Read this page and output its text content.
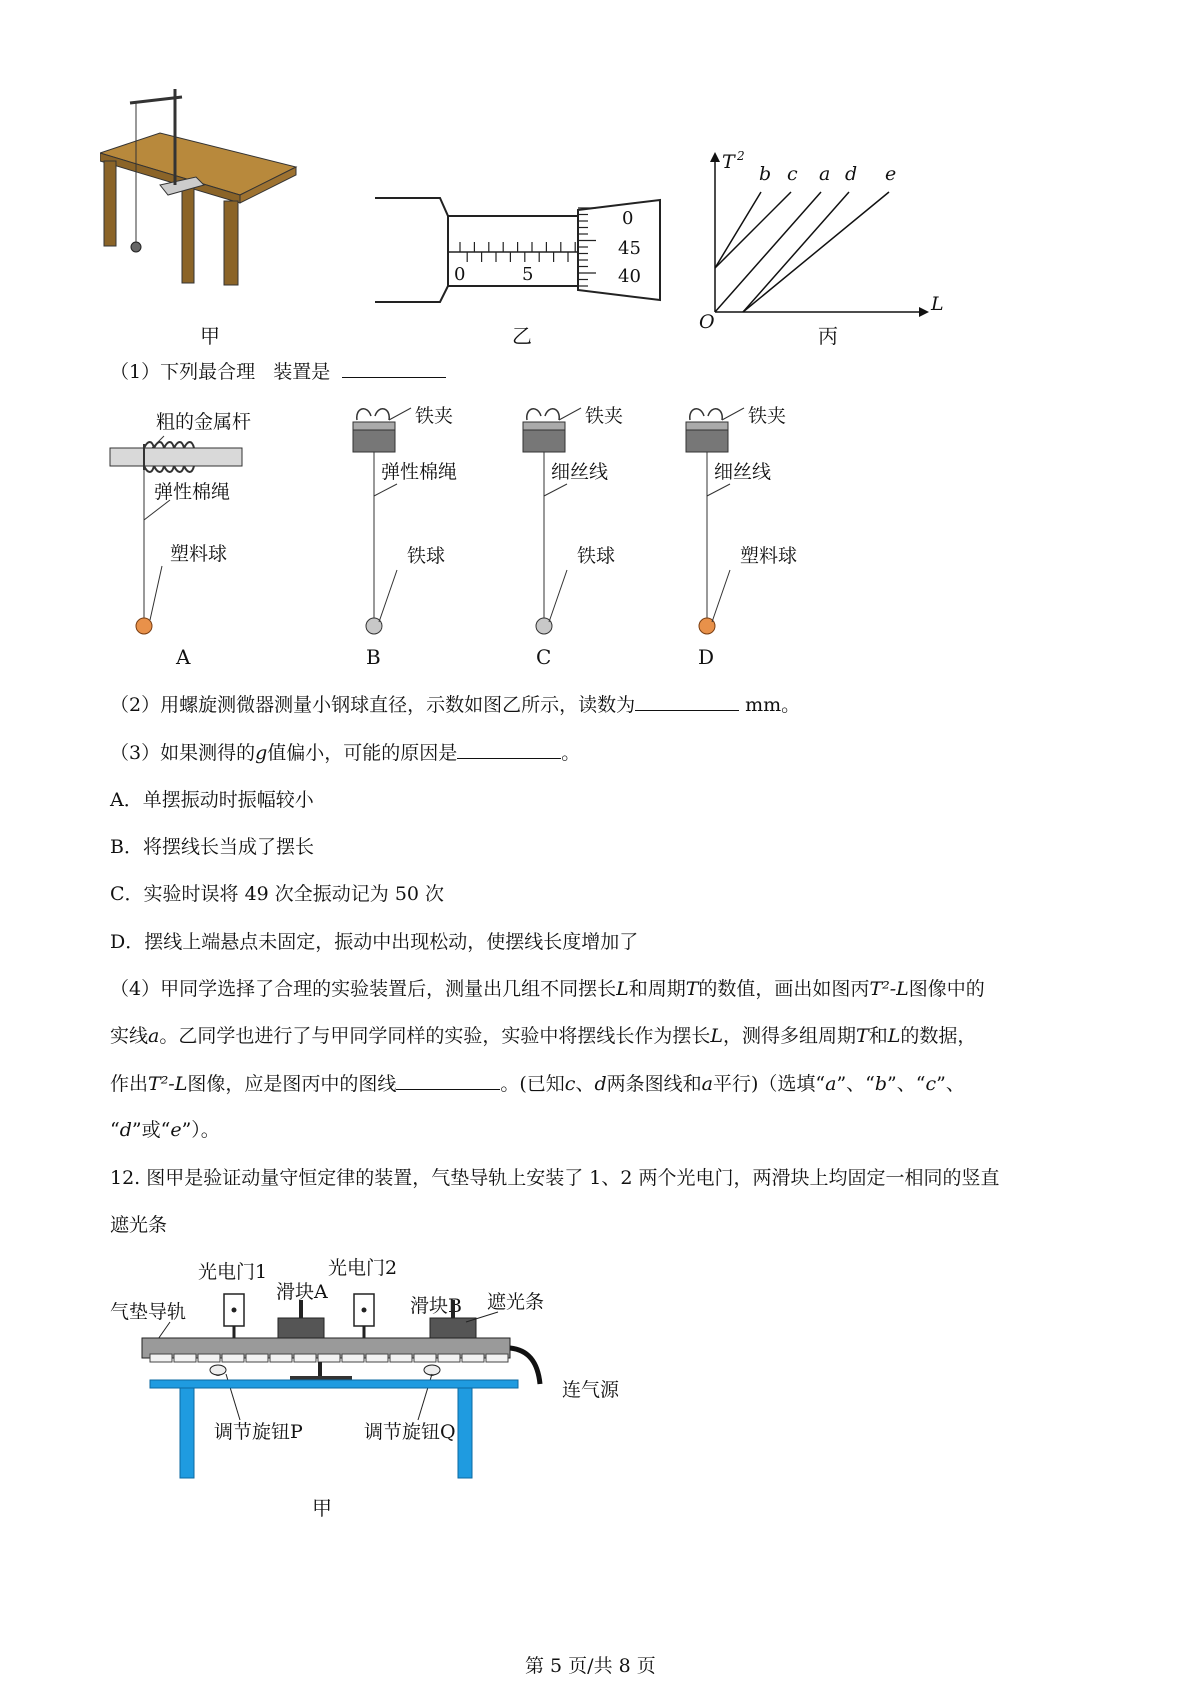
甲
0	5
0
45
40
乙
T 2
L
O
b c a d e
丙
（1）下列最合理 装置是
粗的金属杆
弹性棉绳
塑料球
A
铁夹
弹性棉绳
铁球
B
铁夹
细丝线
铁球
C
铁夹
细丝线
塑料球
D
（2）用螺旋测微器测量小钢球直径，示数如图乙所示，读数为	mm。
（3）如果测得的g值偏小，可能的原因是	。
A．单摆振动时振幅较小
B．将摆线长当成了摆长
C．实验时误将 49 次全振动记为 50 次
D．摆线上端悬点未固定，振动中出现松动，使摆线长度增加了
（4）甲同学选择了合理的实验装置后，测量出几组不同摆长L和周期T的数值，画出如图丙T²-L图像中的
实线a。乙同学也进行了与甲同学同样的实验，实验中将摆线长作为摆长L，测得多组周期T和L的数据，
作出T²-L图像，应是图丙中的图线	。(已知c、d两条图线和a平行)（选填“a”、“b”、“c”、
“d”或“e”）。
12. 图甲是验证动量守恒定律的装置，气垫导轨上安装了 1、2 两个光电门，两滑块上均固定一相同的竖直
遮光条
光电门1	光电门2
滑块A
滑块B 遮光条
气垫导轨
连气源
调节旋钮P	调节旋钮Q
甲
第 5 页/共 8 页
